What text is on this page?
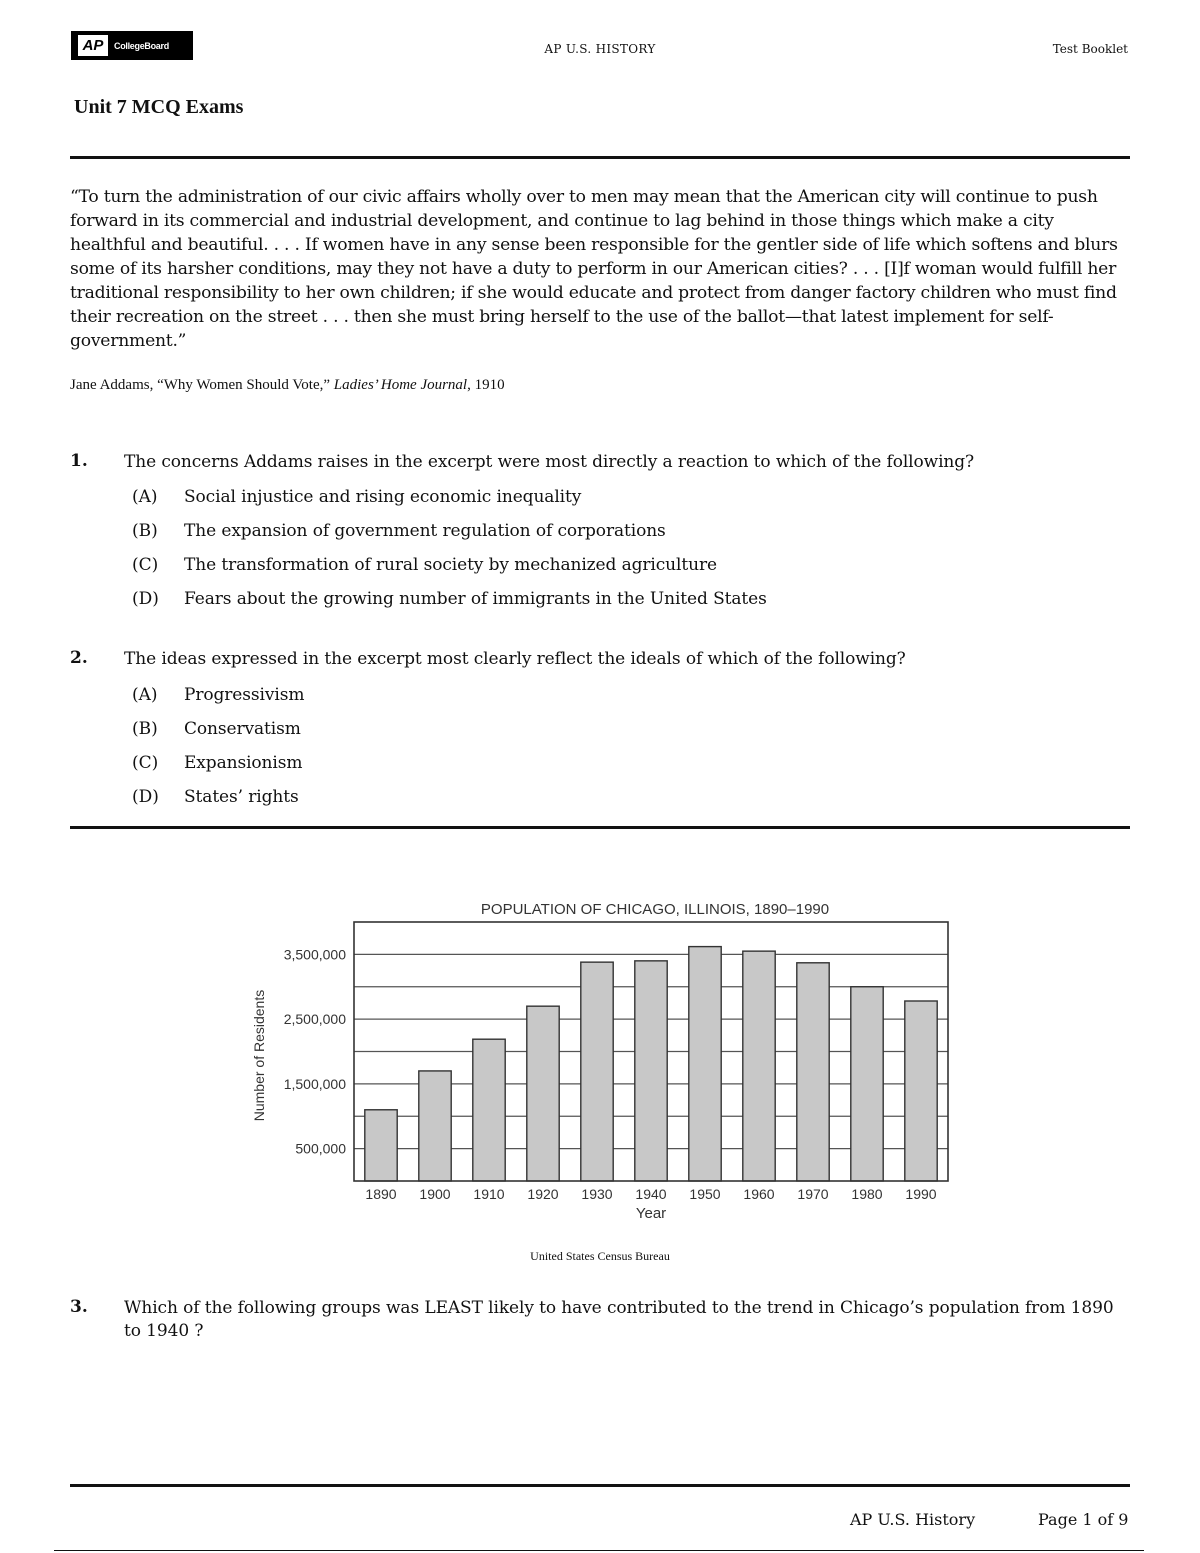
AP	CollegeBoard	AP U.S. HISTORY	Test Booklet
Unit 7 MCQ Exams

“To turn the administration of our civic affairs wholly over to men may mean that the American city will continue to push forward in its commercial and industrial development, and continue to lag behind in those things which make a city healthful and beautiful. . . . If women have in any sense been responsible for the gentler side of life which softens and blurs some of its harsher conditions, may they not have a duty to perform in our American cities? . . . [I]f woman would fulfill her traditional responsibility to her own children; if she would educate and protect from danger factory children who must find their recreation on the street . . . then she must bring herself to the use of the ballot—that latest implement for self-government.”

Jane Addams, “Why Women Should Vote,” Ladies’ Home Journal, 1910
1. The concerns Addams raises in the excerpt were most directly a reaction to which of the following?
(A) Social injustice and rising economic inequality
(B) The expansion of government regulation of corporations
(C) The transformation of rural society by mechanized agriculture
(D) Fears about the growing number of immigrants in the United States
2. The ideas expressed in the excerpt most clearly reflect the ideals of which of the following?
(A) Progressivism
(B) Conservatism
(C) Expansionism
(D) States’ rights
1890 1900 1910 1920 1930 1940 1950 1960 1970 1980 1990
500,000
1,500,000
2,500,000
3,500,000
POPULATION OF CHICAGO, ILLINOIS, 1890–1990
Year
Number of Residents
United States Census Bureau
3. Which of the following groups was LEAST likely to have contributed to the trend in Chicago’s population from 1890 to 1940 ?
AP U.S. History	Page 1 of 9
